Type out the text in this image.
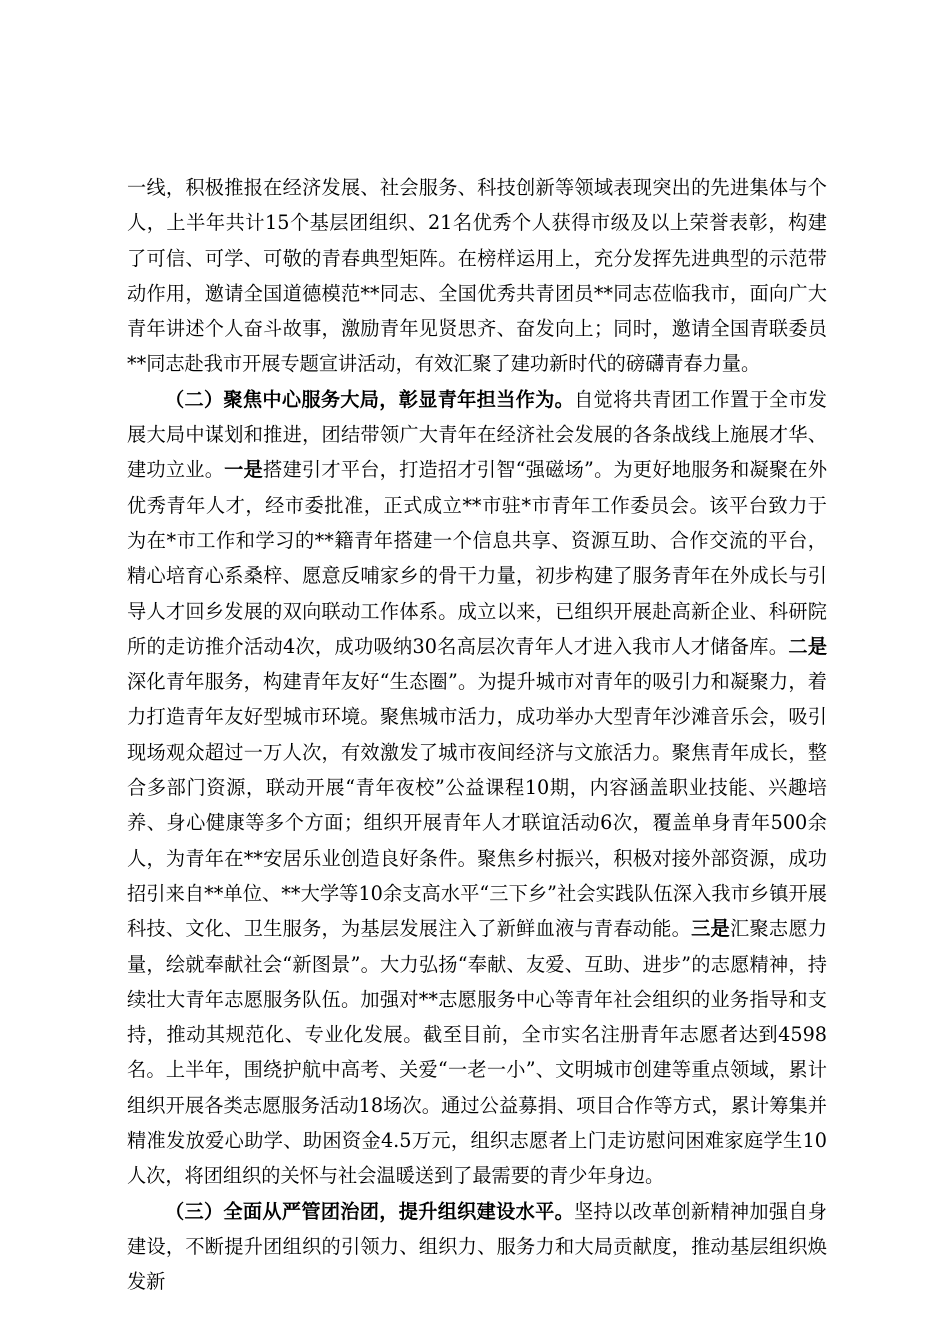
一线，积极推报在经济发展、社会服务、科技创新等领域表现突出的先进集体与个人，上半年共计15个基层团组织、21名优秀个人获得市级及以上荣誉表彰，构建了可信、可学、可敬的青春典型矩阵。在榜样运用上，充分发挥先进典型的示范带动作用，邀请全国道德模范**同志、全国优秀共青团员**同志莅临我市，面向广大青年讲述个人奋斗故事，激励青年见贤思齐、奋发向上；同时，邀请全国青联委员**同志赴我市开展专题宣讲活动，有效汇聚了建功新时代的磅礴青春力量。

（二）聚焦中心服务大局，彰显青年担当作为。自觉将共青团工作置于全市发展大局中谋划和推进，团结带领广大青年在经济社会发展的各条战线上施展才华、建功立业。一是搭建引才平台，打造招才引智“强磁场”。为更好地服务和凝聚在外优秀青年人才，经市委批准，正式成立**市驻*市青年工作委员会。该平台致力于为在*市工作和学习的**籍青年搭建一个信息共享、资源互助、合作交流的平台，精心培育心系桑梓、愿意反哺家乡的骨干力量，初步构建了服务青年在外成长与引导人才回乡发展的双向联动工作体系。成立以来，已组织开展赴高新企业、科研院所的走访推介活动4次，成功吸纳30名高层次青年人才进入我市人才储备库。二是深化青年服务，构建青年友好“生态圈”。为提升城市对青年的吸引力和凝聚力，着力打造青年友好型城市环境。聚焦城市活力，成功举办大型青年沙滩音乐会，吸引现场观众超过一万人次，有效激发了城市夜间经济与文旅活力。聚焦青年成长，整合多部门资源，联动开展“青年夜校”公益课程10期，内容涵盖职业技能、兴趣培养、身心健康等多个方面；组织开展青年人才联谊活动6次，覆盖单身青年500余人，为青年在**安居乐业创造良好条件。聚焦乡村振兴，积极对接外部资源，成功招引来自**单位、**大学等10余支高水平“三下乡”社会实践队伍深入我市乡镇开展科技、文化、卫生服务，为基层发展注入了新鲜血液与青春动能。三是汇聚志愿力量，绘就奉献社会“新图景”。大力弘扬“奉献、友爱、互助、进步”的志愿精神，持续壮大青年志愿服务队伍。加强对**志愿服务中心等青年社会组织的业务指导和支持，推动其规范化、专业化发展。截至目前，全市实名注册青年志愿者达到4598名。上半年，围绕护航中高考、关爱“一老一小”、文明城市创建等重点领域，累计组织开展各类志愿服务活动18场次。通过公益募捐、项目合作等方式，累计筹集并精准发放爱心助学、助困资金4.5万元，组织志愿者上门走访慰问困难家庭学生10人次，将团组织的关怀与社会温暖送到了最需要的青少年身边。

（三）全面从严管团治团，提升组织建设水平。坚持以改革创新精神加强自身建设，不断提升团组织的引领力、组织力、服务力和大局贡献度，推动基层组织焕发新
